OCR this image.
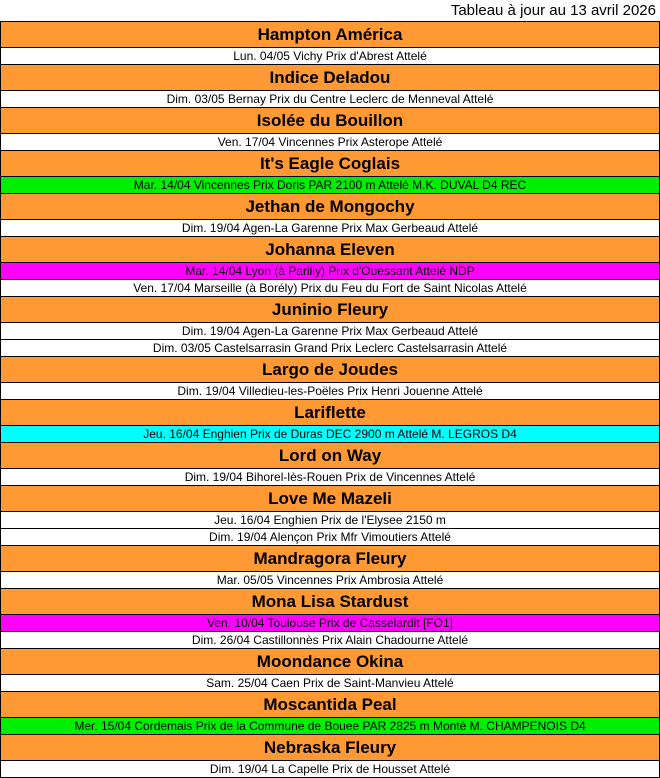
Tableau à jour au 13 avril 2026
Hampton América
Lun. 04/05 Vichy Prix d'Abrest Attelé
Indice Deladou
Dim. 03/05 Bernay Prix du Centre Leclerc de Menneval Attelé
Isolée du Bouillon
Ven. 17/04 Vincennes Prix Asterope Attelé
It's Eagle Coglais
Mar. 14/04 Vincennes Prix Doris PAR 2100 m Attelé M.K. DUVAL D4 REC
Jethan de Mongochy
Dim. 19/04 Agen-La Garenne Prix Max Gerbeaud Attelé
Johanna Eleven
Mar. 14/04 Lyon (à Parilly) Prix d'Ouessant Attelé NDP
Ven. 17/04 Marseille (à Borély) Prix du Feu du Fort de Saint Nicolas Attelé
Juninio Fleury
Dim. 19/04 Agen-La Garenne Prix Max Gerbeaud Attelé
Dim. 03/05 Castelsarrasin Grand Prix Leclerc Castelsarrasin Attelé
Largo de Joudes
Dim. 19/04 Villedieu-les-Poëles Prix Henri Jouenne Attelé
Lariflette
Jeu. 16/04 Enghien Prix de Duras DEC 2900 m Attelé M. LEGROS D4
Lord on Way
Dim. 19/04 Bihorel-lès-Rouen Prix de Vincennes Attelé
Love Me Mazeli
Jeu. 16/04 Enghien Prix de l'Elysee 2150 m
Dim. 19/04 Alençon Prix Mfr Vimoutiers Attelé
Mandragora Fleury
Mar. 05/05 Vincennes Prix Ambrosia Attelé
Mona Lisa Stardust
Ven. 10/04 Toulouse Prix de Casselardit [FO1]
Dim. 26/04 Castillonnès Prix Alain Chadourne Attelé
Moondance Okina
Sam. 25/04 Caen Prix de Saint-Manvieu Attelé
Moscantida Peal
Mer. 15/04 Cordemais Prix de la Commune de Bouee PAR 2825 m Monté M. CHAMPENOIS D4
Nebraska Fleury
Dim. 19/04 La Capelle Prix de Housset Attelé
